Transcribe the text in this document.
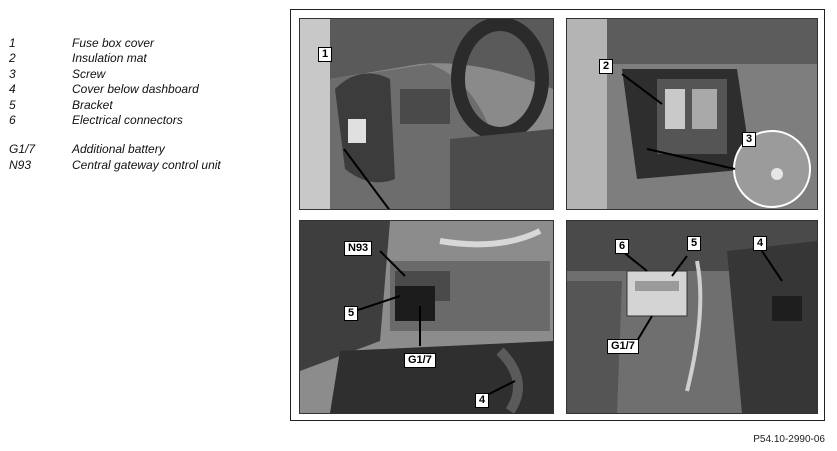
1	Fuse box cover
2	Insulation mat
3	Screw
4	Cover below dashboard
5	Bracket
6	Electrical connectors
G1/7	Additional battery
N93	Central gateway control unit
1
2
3
N93
5
G1/7
4
6	5	4
G1/7
P54.10-2990-06
